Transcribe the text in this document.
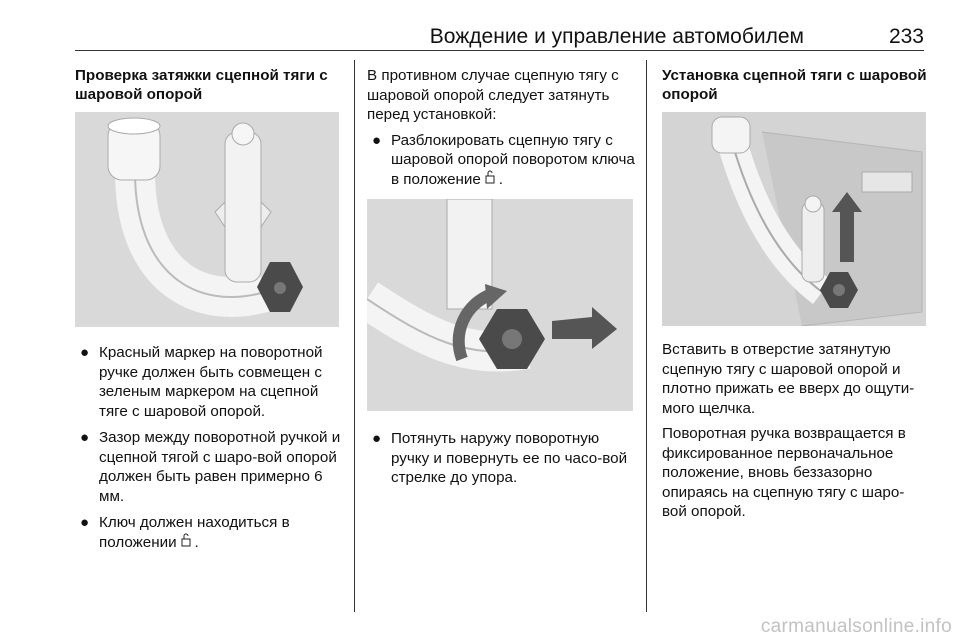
Вождение и управление автомобилем	233
Проверка затяжки сцепной тяги с шаровой опорой
● Красный маркер на поворотной ручке должен быть совмещен с зеленым маркером на сцепной тяге с шаровой опорой.
● Зазор между поворотной ручкой и сцепной тягой с шаро-вой опорой должен быть равен примерно 6 мм.
● Ключ должен находиться в положении .

В противном случае сцепную тягу с шаровой опорой следует затянуть перед установкой:

● Разблокировать сцепную тягу с шаровой опорой поворотом ключа в положение .
● Потянуть наружу поворотную ручку и повернуть ее по часо-вой стрелке до упора.
Установка сцепной тяги с шаровой опорой

Вставить в отверстие затянутую сцепную тягу с шаровой опорой и плотно прижать ее вверх до ощути-мого щелчка.

Поворотная ручка возвращается в фиксированное первоначальное положение, вновь беззазорно опираясь на сцепную тягу с шаро-вой опорой.

carmanualsonline.info
